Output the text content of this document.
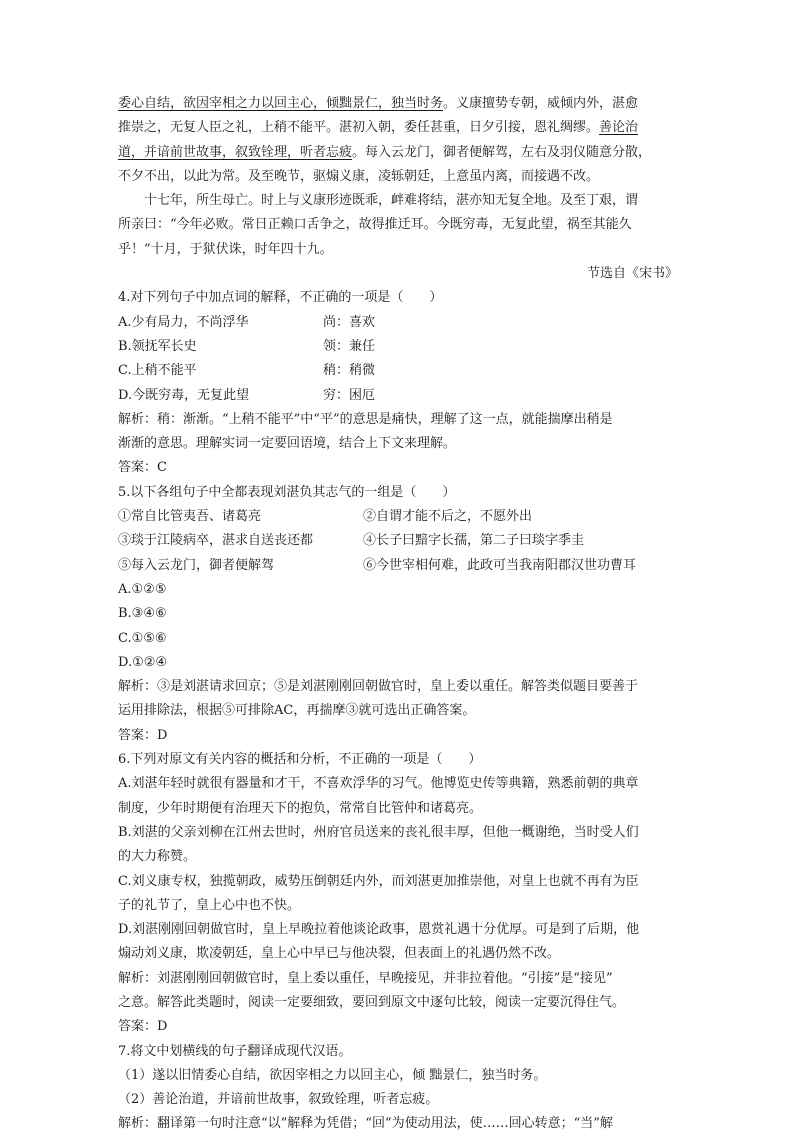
委心自结，欲因宰相之力以回主心，倾黜景仁，独当时务。义康擅势专朝，威倾内外，湛愈

推崇之，无复人臣之礼，上稍不能平。湛初入朝，委任甚重，日夕引接，恩礼绸缪。善论治

道，并谙前世故事，叙致铨理，听者忘疲。每入云龙门，御者便解驾，左右及羽仪随意分散，

不夕不出，以此为常。及至晚节，驱煽义康，凌轹朝廷，上意虽内离，而接遇不改。

十七年，所生母亡。时上与义康形迹既乖，衅难将结，湛亦知无复全地。及至丁艰，谓

所亲曰：“今年必败。常日正赖口舌争之，故得推迁耳。今既穷毒，无复此望，祸至其能久

乎！”十月，于狱伏诛，时年四十九。

节选自《宋书》

4.对下列句子中加点词的解释，不正确的一项是（　　）

A.少有局力，不尚浮华	尚：喜欢
B.领抚军长史	领：兼任
C.上稍不能平	稍：稍微
D.今既穷毒，无复此望	穷：困厄

解析：稍：渐渐。“上稍不能平”中“平”的意思是痛快，理解了这一点，就能揣摩出稍是

渐渐的意思。理解实词一定要回语境，结合上下文来理解。

答案：C

5.以下各组句子中全都表现刘湛负其志气的一组是（　　）

①常自比管夷吾、诸葛亮	②自谓才能不后之，不愿外出
③琰于江陵病卒，湛求自送丧还都	④长子曰黯字长孺，第二子曰琰字季圭
⑤每入云龙门，御者便解驾	⑥今世宰相何难，此政可当我南阳郡汉世功曹耳

A.①②⑤

B.③④⑥

C.①⑤⑥

D.①②④

解析：③是刘湛请求回京；⑤是刘湛刚刚回朝做官时，皇上委以重任。解答类似题目要善于

运用排除法，根据⑤可排除AC，再揣摩③就可选出正确答案。

答案：D

6.下列对原文有关内容的概括和分析，不正确的一项是（　　）

A.刘湛年轻时就很有器量和才干，不喜欢浮华的习气。他博览史传等典籍，熟悉前朝的典章

制度，少年时期便有治理天下的抱负，常常自比管仲和诸葛亮。

B.刘湛的父亲刘柳在江州去世时，州府官员送来的丧礼很丰厚，但他一概谢绝，当时受人们

的大力称赞。

C.刘义康专权，独揽朝政，威势压倒朝廷内外，而刘湛更加推崇他，对皇上也就不再有为臣

子的礼节了，皇上心中也不快。

D.刘湛刚刚回朝做官时，皇上早晚拉着他谈论政事，恩赏礼遇十分优厚。可是到了后期，他

煽动刘义康，欺凌朝廷，皇上心中早已与他决裂，但表面上的礼遇仍然不改。

解析：刘湛刚刚回朝做官时，皇上委以重任，早晚接见，并非拉着他。“引接”是“接见”

之意。解答此类题时，阅读一定要细致，要回到原文中逐句比较，阅读一定要沉得住气。

答案：D

7.将文中划横线的句子翻译成现代汉语。

（1）遂以旧情委心自结，欲因宰相之力以回主心，倾 黜景仁，独当时务。

（2）善论治道，并谙前世故事，叙致铨理，听者忘疲。

解析：翻译第一句时注意“以”解释为凭借；“回”为使动用法，使……回心转意；“当”解
